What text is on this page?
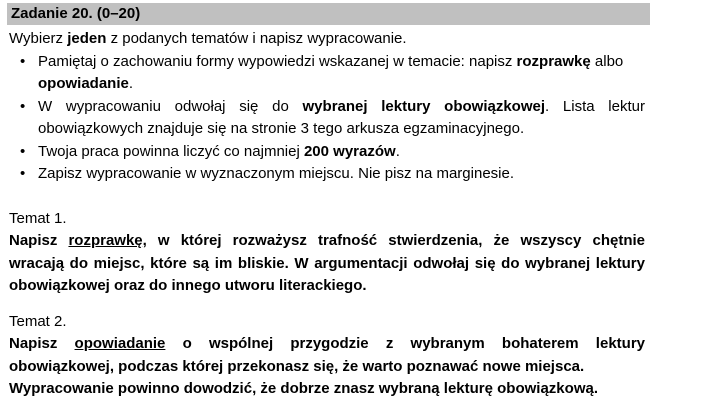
Zadanie 20. (0–20)
Wybierz jeden z podanych tematów i napisz wypracowanie.
• Pamiętaj o zachowaniu formy wypowiedzi wskazanej w temacie: napisz rozprawkę albo
opowiadanie.
• W wypracowaniu odwołaj się do wybranej lektury obowiązkowej. Lista lektur
obowiązkowych znajduje się na stronie 3 tego arkusza egzaminacyjnego.
• Twoja praca powinna liczyć co najmniej 200 wyrazów.
• Zapisz wypracowanie w wyznaczonym miejscu. Nie pisz na marginesie.

Temat 1.

Napisz rozprawkę, w której rozważysz trafność stwierdzenia, że wszyscy chętnie
wracają do miejsc, które są im bliskie. W argumentacji odwołaj się do wybranej lektury
obowiązkowej oraz do innego utworu literackiego.

Temat 2.

Napisz opowiadanie o wspólnej przygodzie z wybranym bohaterem lektury
obowiązkowej, podczas której przekonasz się, że warto poznawać nowe miejsca.
Wypracowanie powinno dowodzić, że dobrze znasz wybraną lekturę obowiązkową.
